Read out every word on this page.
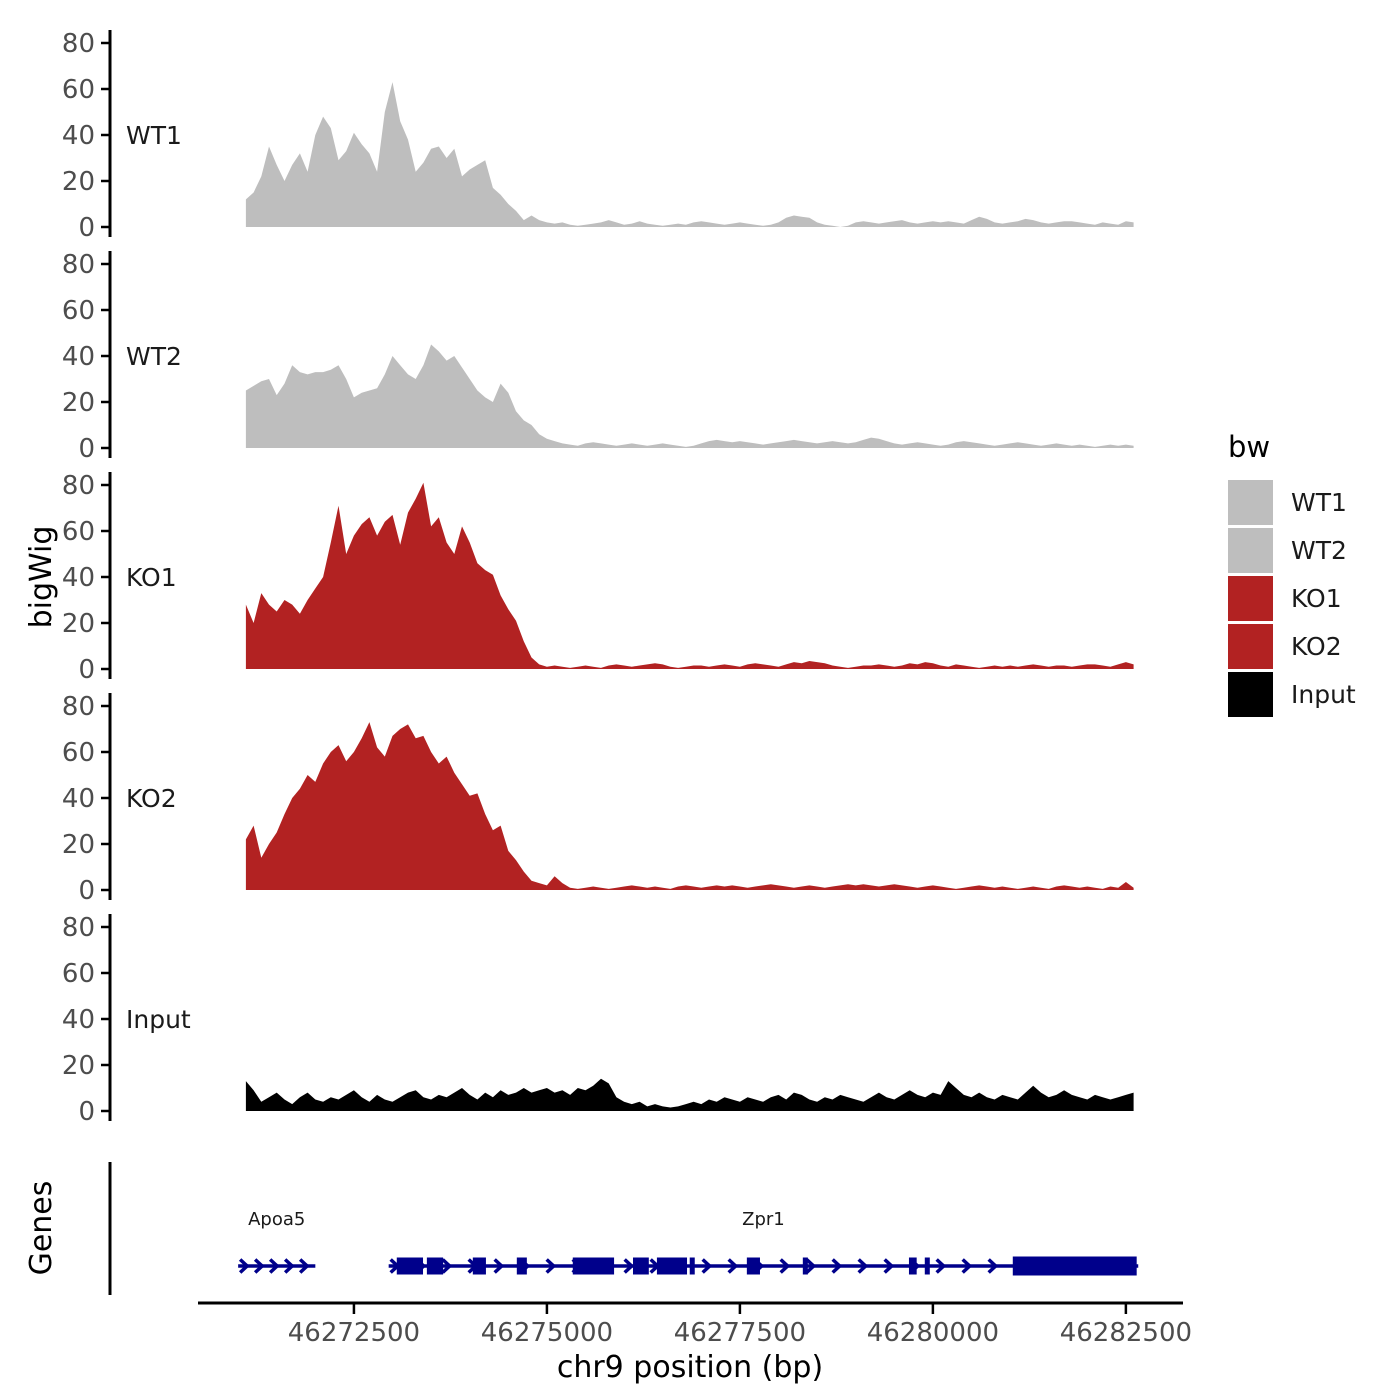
0
20
40
60
80
WT1
0
20
40
60
80
WT2
0
20
40
60
80
KO1
0
20
40
60
80
KO2
0
20
40
60
80
Input
Apoa5	Zpr1
46272500 46275000 46277500 46280000 46282500
bigWig
Genes
chr9 position (bp)
bw
WT1
WT2
KO1
KO2
Input
